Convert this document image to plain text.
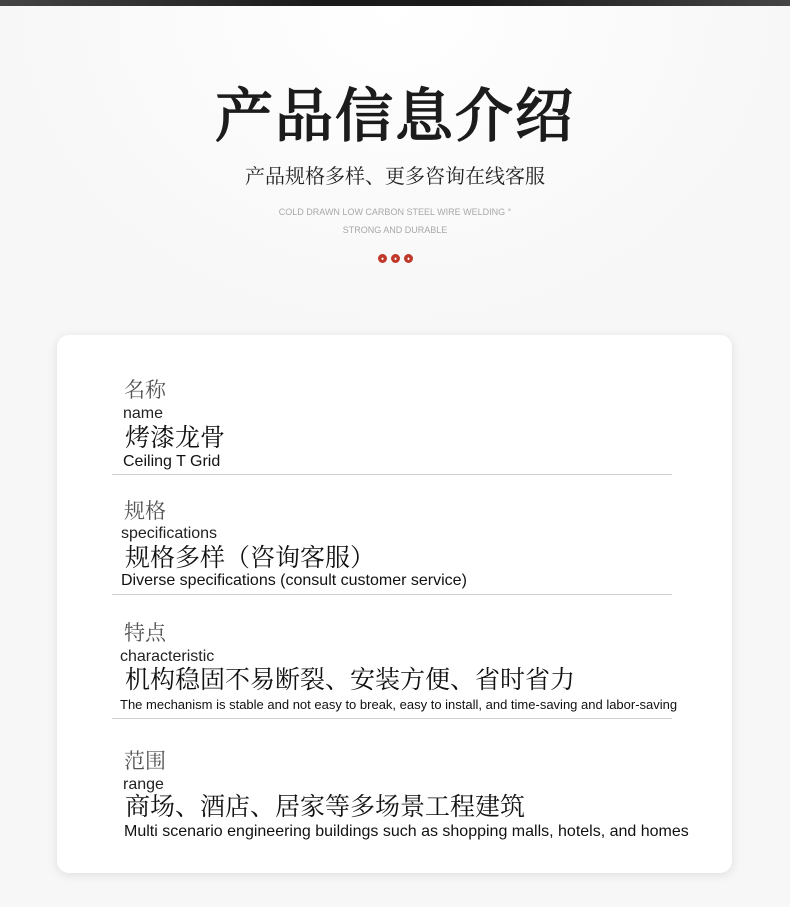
产品信息介绍
产品规格多样、更多咨询在线客服
COLD DRAWN LOW CARBON STEEL WIRE WELDING °
STRONG AND DURABLE

名称
name
烤漆龙骨
Ceiling T Grid
规格
specifications
规格多样（咨询客服）
Diverse specifications (consult customer service)
特点
characteristic
机构稳固不易断裂、安装方便、省时省力
The mechanism is stable and not easy to break, easy to install, and time-saving and labor-saving
范围
range
商场、酒店、居家等多场景工程建筑
Multi scenario engineering buildings such as shopping malls, hotels, and homes
